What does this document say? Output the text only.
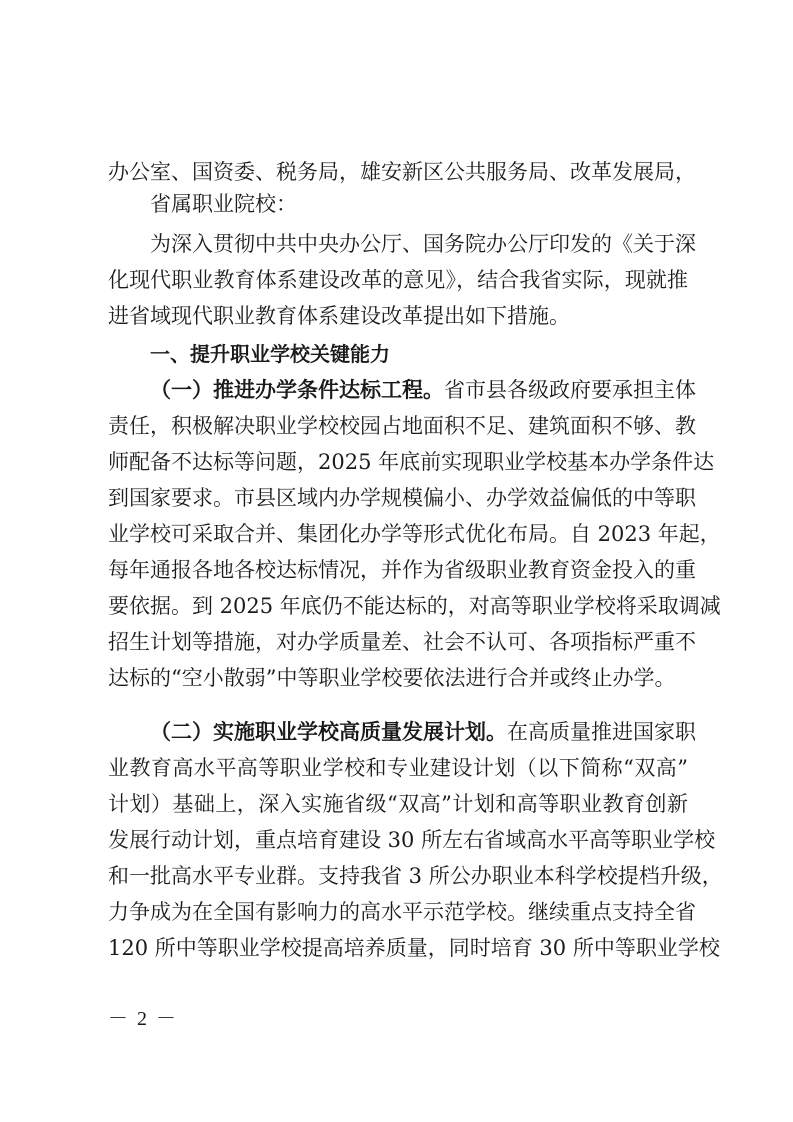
办公室、国资委、税务局，雄安新区公共服务局、改革发展局，
省属职业院校：
为深入贯彻中共中央办公厅、国务院办公厅印发的《关于深
化现代职业教育体系建设改革的意见》，结合我省实际，现就推
进省域现代职业教育体系建设改革提出如下措施。
一、提升职业学校关键能力
（一）推进办学条件达标工程。省市县各级政府要承担主体
责任，积极解决职业学校校园占地面积不足、建筑面积不够、教
师配备不达标等问题，2025 年底前实现职业学校基本办学条件达
到国家要求。市县区域内办学规模偏小、办学效益偏低的中等职
业学校可采取合并、集团化办学等形式优化布局。自 2023 年起，
每年通报各地各校达标情况，并作为省级职业教育资金投入的重
要依据。到 2025 年底仍不能达标的，对高等职业学校将采取调减
招生计划等措施，对办学质量差、社会不认可、各项指标严重不
达标的“空小散弱”中等职业学校要依法进行合并或终止办学。
（二）实施职业学校高质量发展计划。在高质量推进国家职
业教育高水平高等职业学校和专业建设计划（以下简称“双高”
计划）基础上，深入实施省级“双高”计划和高等职业教育创新
发展行动计划，重点培育建设 30 所左右省域高水平高等职业学校
和一批高水平专业群。支持我省 3 所公办职业本科学校提档升级，
力争成为在全国有影响力的高水平示范学校。继续重点支持全省
120 所中等职业学校提高培养质量，同时培育 30 所中等职业学校
－ 2 －
